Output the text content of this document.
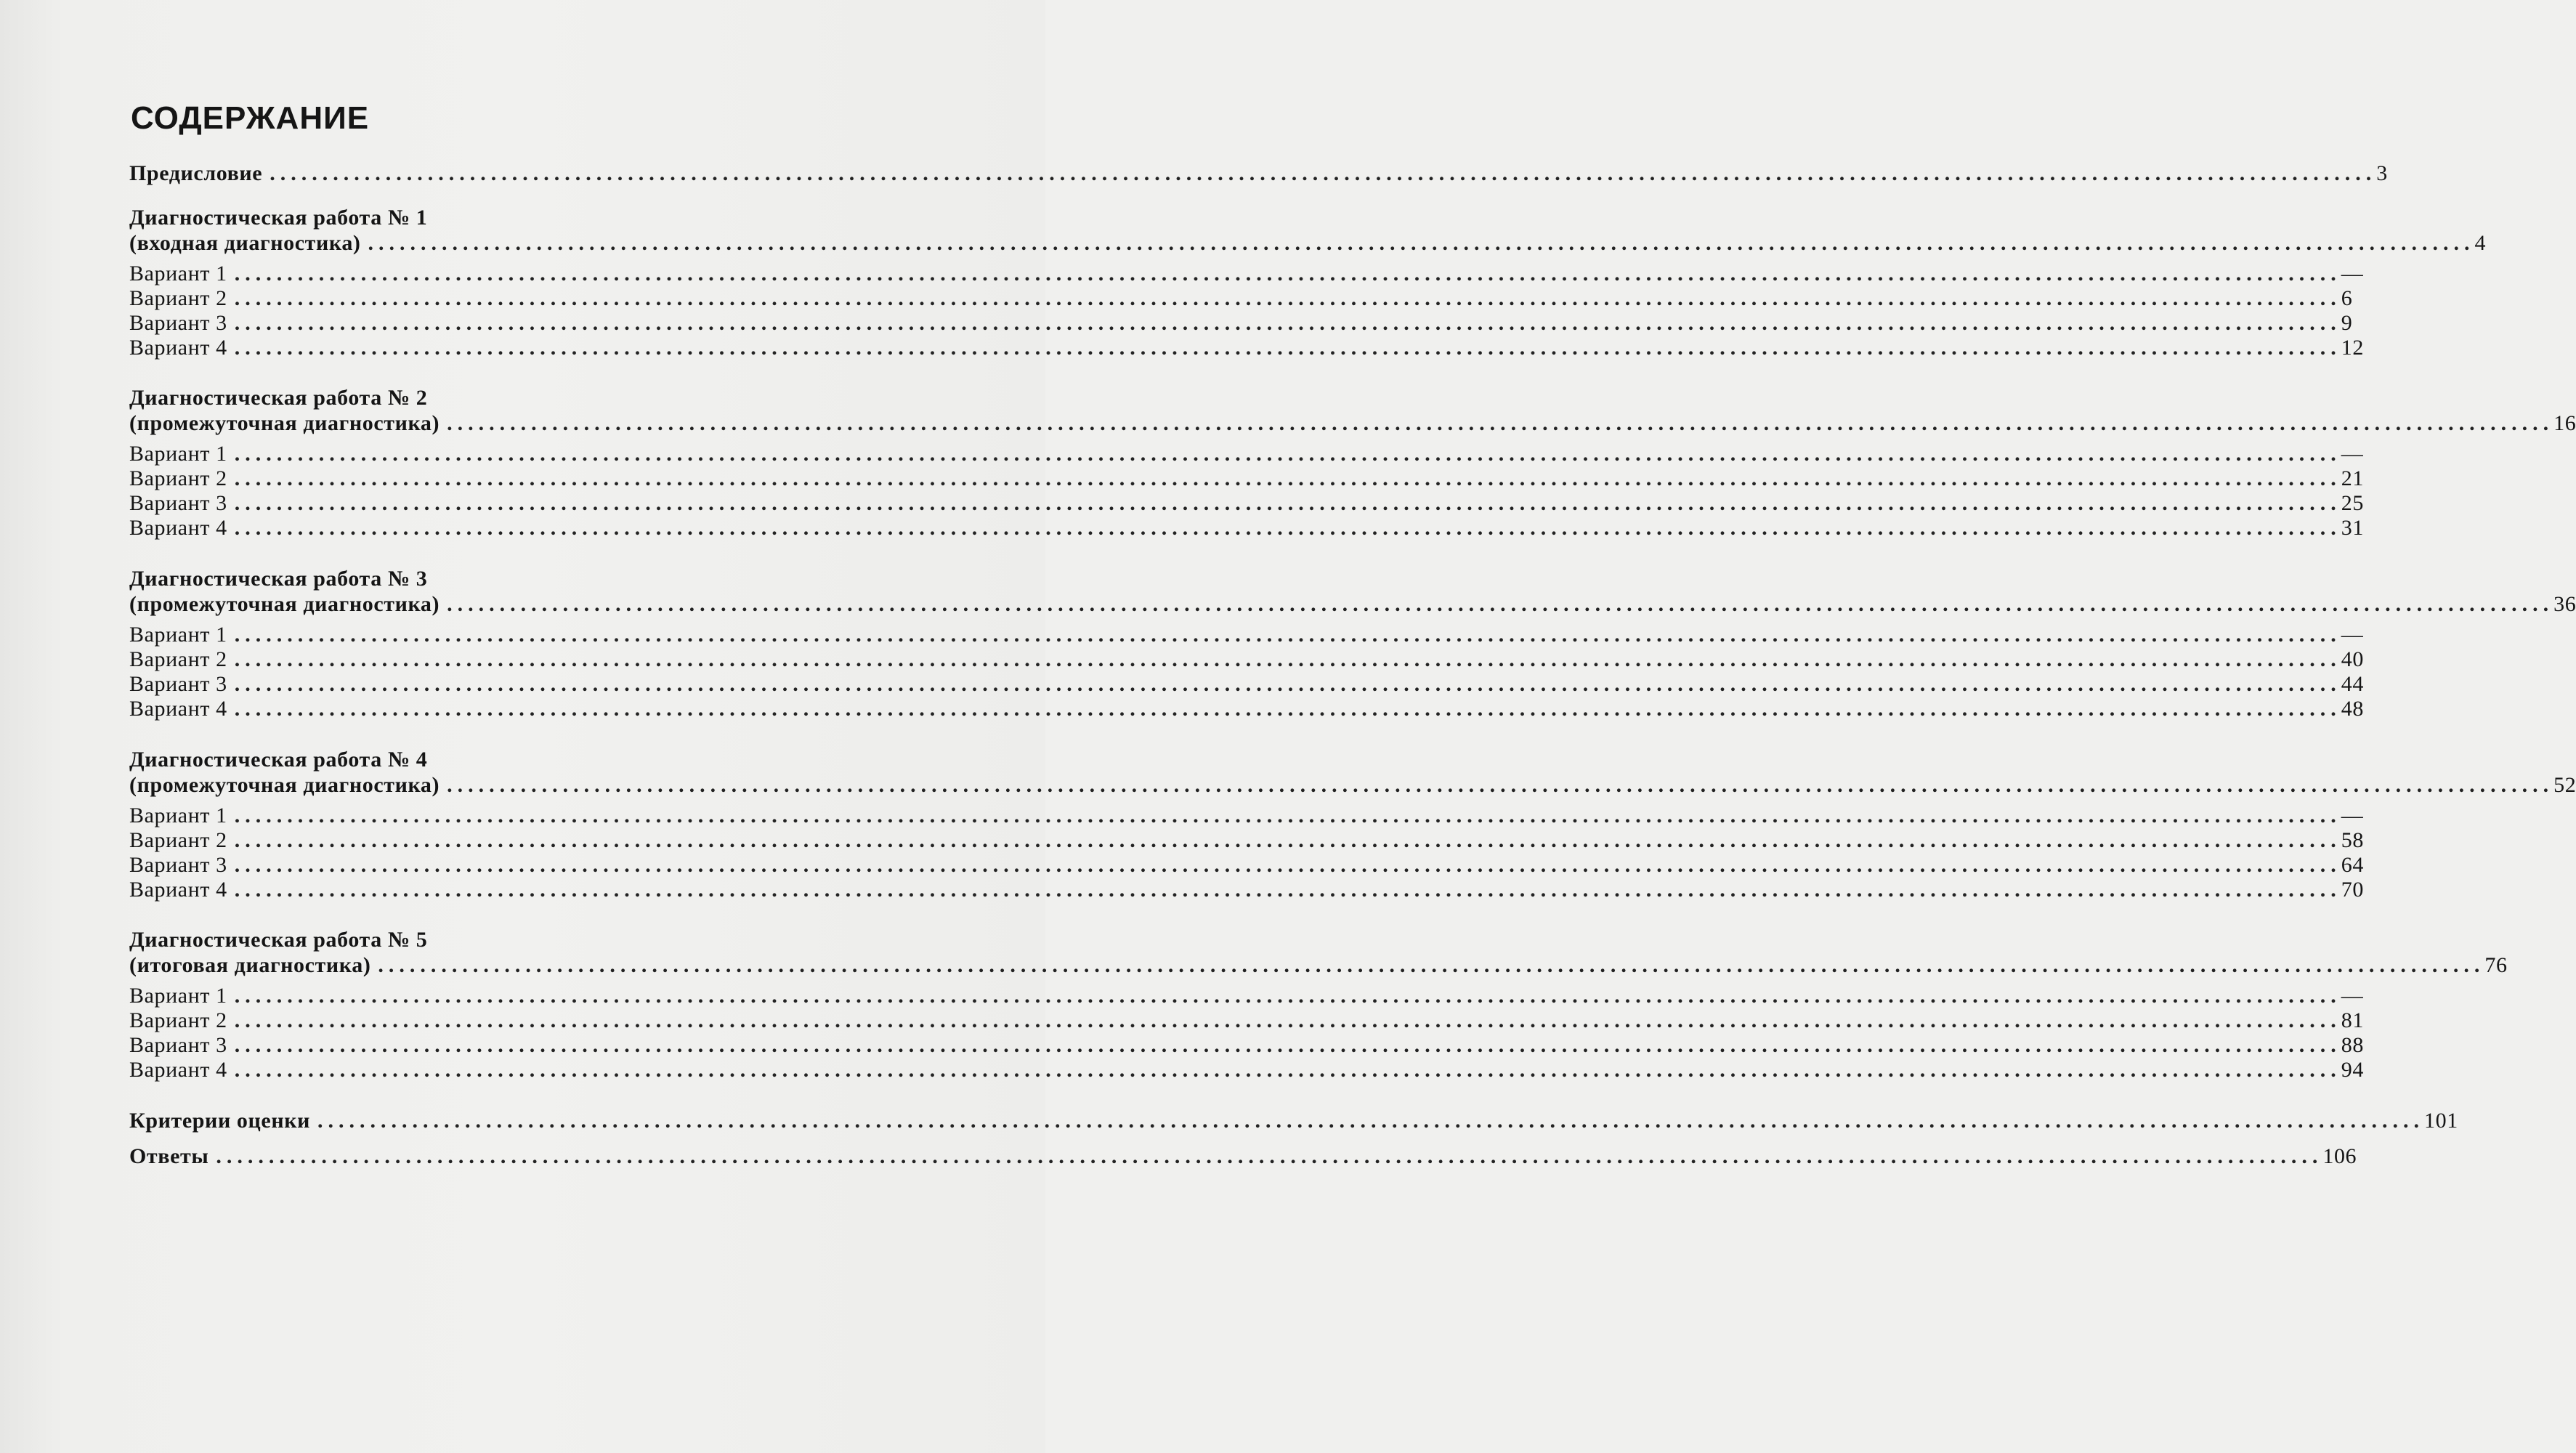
СОДЕРЖАНИЕ
Предисловие ........................................................................................................................................................................................................ 3
Диагностическая работа № 1
(входная диагностика) ........................................................................................................................................................................................................ 4
Вариант 1 ........................................................................................................................................................................................................ —
Вариант 2 ........................................................................................................................................................................................................ 6
Вариант 3 ........................................................................................................................................................................................................ 9
Вариант 4 ........................................................................................................................................................................................................ 12
Диагностическая работа № 2
(промежуточная диагностика) ........................................................................................................................................................................................................ 16
Вариант 1 ........................................................................................................................................................................................................ —
Вариант 2 ........................................................................................................................................................................................................ 21
Вариант 3 ........................................................................................................................................................................................................ 25
Вариант 4 ........................................................................................................................................................................................................ 31
Диагностическая работа № 3
(промежуточная диагностика) ........................................................................................................................................................................................................ 36
Вариант 1 ........................................................................................................................................................................................................ —
Вариант 2 ........................................................................................................................................................................................................ 40
Вариант 3 ........................................................................................................................................................................................................ 44
Вариант 4 ........................................................................................................................................................................................................ 48
Диагностическая работа № 4
(промежуточная диагностика) ........................................................................................................................................................................................................ 52
Вариант 1 ........................................................................................................................................................................................................ —
Вариант 2 ........................................................................................................................................................................................................ 58
Вариант 3 ........................................................................................................................................................................................................ 64
Вариант 4 ........................................................................................................................................................................................................ 70
Диагностическая работа № 5
(итоговая диагностика) ........................................................................................................................................................................................................ 76
Вариант 1 ........................................................................................................................................................................................................ —
Вариант 2 ........................................................................................................................................................................................................ 81
Вариант 3 ........................................................................................................................................................................................................ 88
Вариант 4 ........................................................................................................................................................................................................ 94
Критерии оценки ........................................................................................................................................................................................................ 101
Ответы ........................................................................................................................................................................................................ 106
